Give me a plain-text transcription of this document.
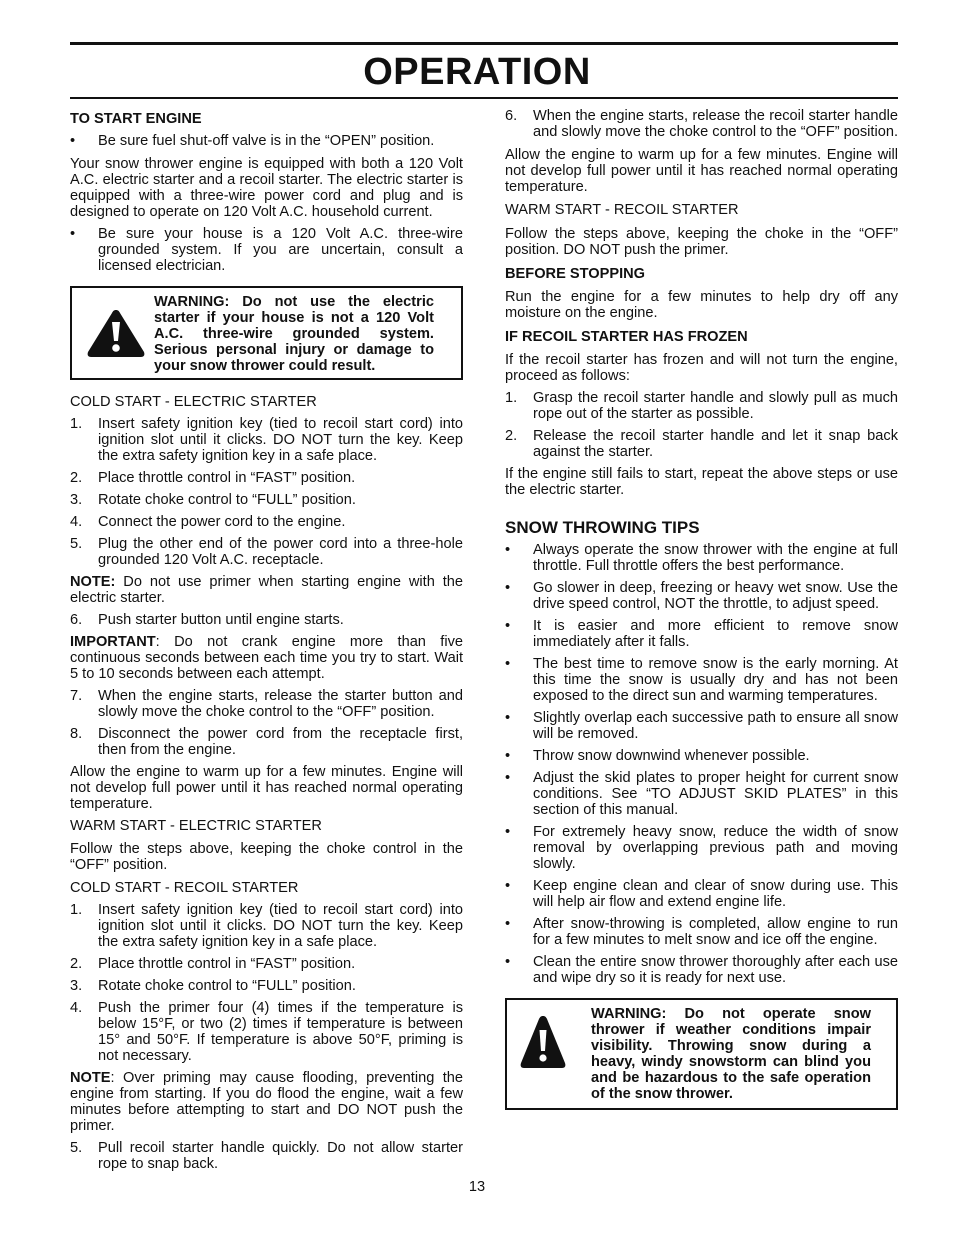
OPERATION
TO START ENGINE
• Be sure fuel shut-off valve is in the “OPEN” position.

Your snow thrower engine is equipped with both a 120 Volt A.C. electric starter and a recoil starter. The electric starter is equipped with a three-wire power cord and plug and is designed to operate on 120 Volt A.C. household current.

• Be sure your house is a 120 Volt A.C. three-wire grounded system. If you are uncertain, consult a licensed electrician.
WARNING: Do not use the electric starter if your house is not a 120 Volt A.C. three-wire grounded system. Serious personal injury or damage to your snow thrower could result.
COLD START - ELECTRIC STARTER
1. Insert safety ignition key (tied to recoil start cord) into ignition slot until it clicks. DO NOT turn the key. Keep the extra safety ignition key in a safe place.
2. Place throttle control in “FAST” position.
3. Rotate choke control to “FULL” position.
4. Connect the power cord to the engine.
5. Plug the other end of the power cord into a three-hole grounded 120 Volt A.C. receptacle.

NOTE: Do not use primer when starting engine with the electric starter.

6. Push starter button until engine starts.

IMPORTANT: Do not crank engine more than five continuous seconds between each time you try to start. Wait 5 to 10 seconds between each attempt.

7. When the engine starts, release the starter button and slowly move the choke control to the “OFF” position.
8. Disconnect the power cord from the receptacle first, then from the engine.

Allow the engine to warm up for a few minutes. Engine will not develop full power until it has reached normal operating temperature.

WARM START - ELECTRIC STARTER

Follow the steps above, keeping the choke control in the “OFF” position.

COLD START - RECOIL STARTER
1. Insert safety ignition key (tied to recoil start cord) into ignition slot until it clicks. DO NOT turn the key. Keep the extra safety ignition key in a safe place.
2. Place throttle control in “FAST” position.
3. Rotate choke control to “FULL” position.
4. Push the primer four (4) times if the temperature is below 15°F, or two (2) times if temperature is between 15° and 50°F. If temperature is above 50°F, priming is not necessary.

NOTE: Over priming may cause flooding, preventing the engine from starting. If you do flood the engine, wait a few minutes before attempting to start and DO NOT push the primer.

5. Pull recoil starter handle quickly. Do not allow starter rope to snap back.
6. When the engine starts, release the recoil starter handle and slowly move the choke control to the “OFF” position.

Allow the engine to warm up for a few minutes. Engine will not develop full power until it has reached normal operating temperature.

WARM START - RECOIL STARTER

Follow the steps above, keeping the choke in the “OFF” position. DO NOT push the primer.

BEFORE STOPPING

Run the engine for a few minutes to help dry off any moisture on the engine.

IF RECOIL STARTER HAS FROZEN

If the recoil starter has frozen and will not turn the engine, proceed as follows:

1. Grasp the recoil starter handle and slowly pull as much rope out of the starter as possible.
2. Release the recoil starter handle and let it snap back against the starter.

If the engine still fails to start, repeat the above steps or use the electric starter.

SNOW THROWING TIPS
• Always operate the snow thrower with the engine at full throttle. Full throttle offers the best performance.
• Go slower in deep, freezing or heavy wet snow. Use the drive speed control, NOT the throttle, to adjust speed.
• It is easier and more efficient to remove snow immediately after it falls.
• The best time to remove snow is the early morning. At this time the snow is usually dry and has not been exposed to the direct sun and warming temperatures.
• Slightly overlap each successive path to ensure all snow will be removed.
• Throw snow downwind whenever possible.
• Adjust the skid plates to proper height for current snow conditions. See “TO ADJUST SKID PLATES” in this section of this manual.
• For extremely heavy snow, reduce the width of snow removal by overlapping previous path and moving slowly.
• Keep engine clean and clear of snow during use. This will help air flow and extend engine life.
• After snow-throwing is completed, allow engine to run for a few minutes to melt snow and ice off the engine.
• Clean the entire snow thrower thoroughly after each use and wipe dry so it is ready for next use.
WARNING: Do not operate snow thrower if weather conditions impair visibility. Throwing snow during a heavy, windy snowstorm can blind you and be hazardous to the safe operation of the snow thrower.
13
